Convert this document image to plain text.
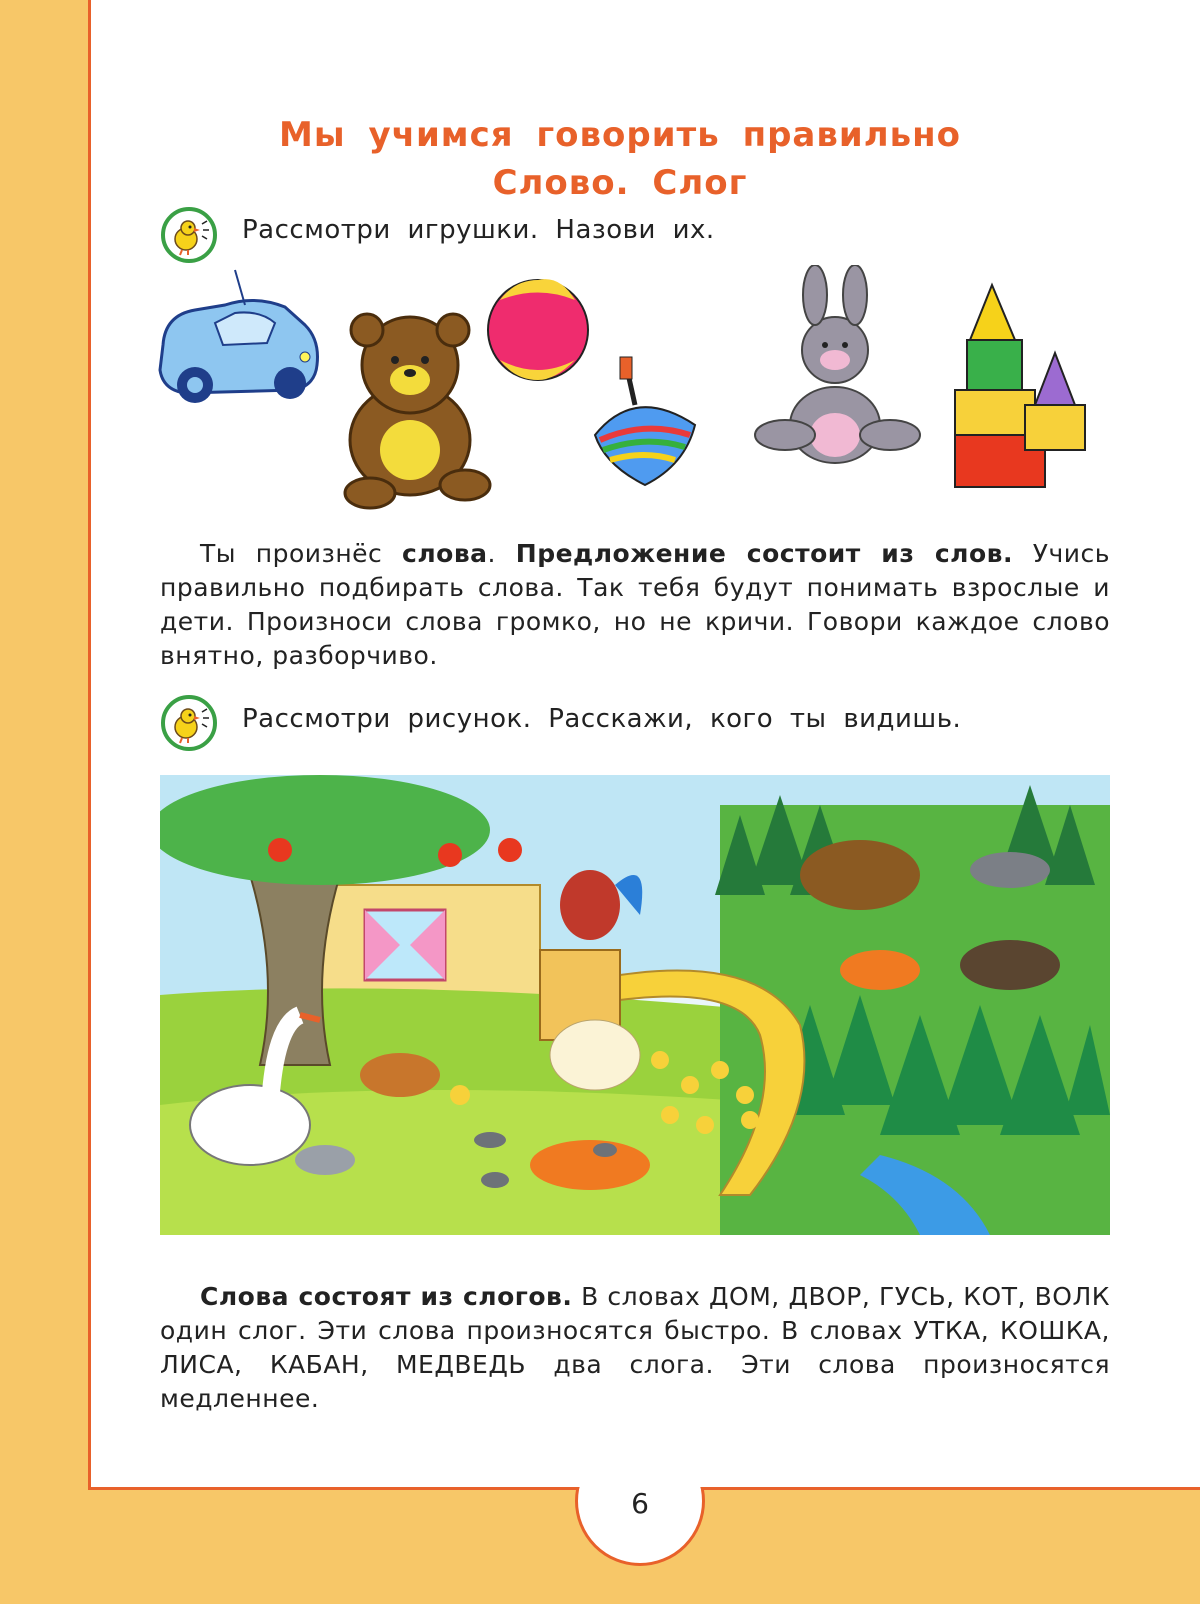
6
Мы учимся говорить правильно
Слово. Слог
Рассмотри игрушки. Назови их.
Ты произнёс слова. Предложение состоит из слов. Учись правильно подбирать слова. Так тебя будут понимать взрослые и дети. Произноси слова громко, но не кричи. Говори каждое слово внятно, разборчиво.
Рассмотри рисунок. Расскажи, кого ты видишь.
Слова состоят из слогов. В словах ДОМ, ДВОР, ГУСЬ, КОТ, ВОЛК один слог. Эти слова произносятся быстро. В словах УТКА, КОШКА, ЛИСА, КАБАН, МЕДВЕДЬ два слога. Эти слова произносятся медленнее.
